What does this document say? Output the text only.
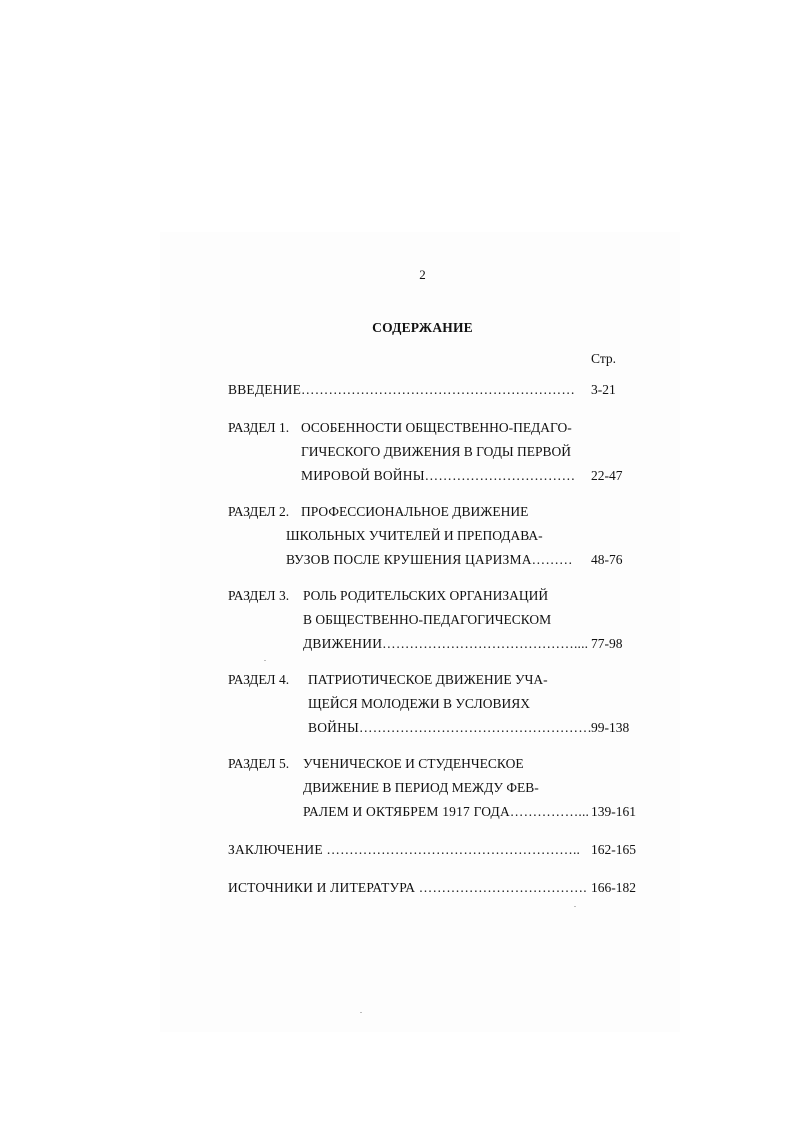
2
СОДЕРЖАНИЕ
Стр.
ВВЕДЕНИЕ…………………………………………………… 3-21
РАЗДЕЛ 1. ОСОБЕННОСТИ ОБЩЕСТВЕННО-ПЕДАГО-
ГИЧЕСКОГО ДВИЖЕНИЯ В ГОДЫ ПЕРВОЙ
МИРОВОЙ ВОЙНЫ…………………………… 22-47
РАЗДЕЛ 2. ПРОФЕССИОНАЛЬНОЕ ДВИЖЕНИЕ
ШКОЛЬНЫХ УЧИТЕЛЕЙ И ПРЕПОДАВА-
ВУЗОВ ПОСЛЕ КРУШЕНИЯ ЦАРИЗМА……… 48-76
РАЗДЕЛ 3. РОЛЬ РОДИТЕЛЬСКИХ ОРГАНИЗАЦИЙ
В ОБЩЕСТВЕННО-ПЕДАГОГИЧЕСКОМ
ДВИЖЕНИИ…………………………………….... 77-98
РАЗДЕЛ 4. ПАТРИОТИЧЕСКОЕ ДВИЖЕНИЕ УЧА-
ЩЕЙСЯ МОЛОДЕЖИ В УСЛОВИЯХ
ВОЙНЫ…………………………………………… 99-138
РАЗДЕЛ 5. УЧЕНИЧЕСКОЕ И СТУДЕНЧЕСКОЕ
ДВИЖЕНИЕ В ПЕРИОД МЕЖДУ ФЕВ-
РАЛЕМ И ОКТЯБРЕМ 1917 ГОДА……………... 139-161
ЗАКЛЮЧЕНИЕ ……………………………………………….. 162-165
ИСТОЧНИКИ И ЛИТЕРАТУРА ………………………………. 166-182
